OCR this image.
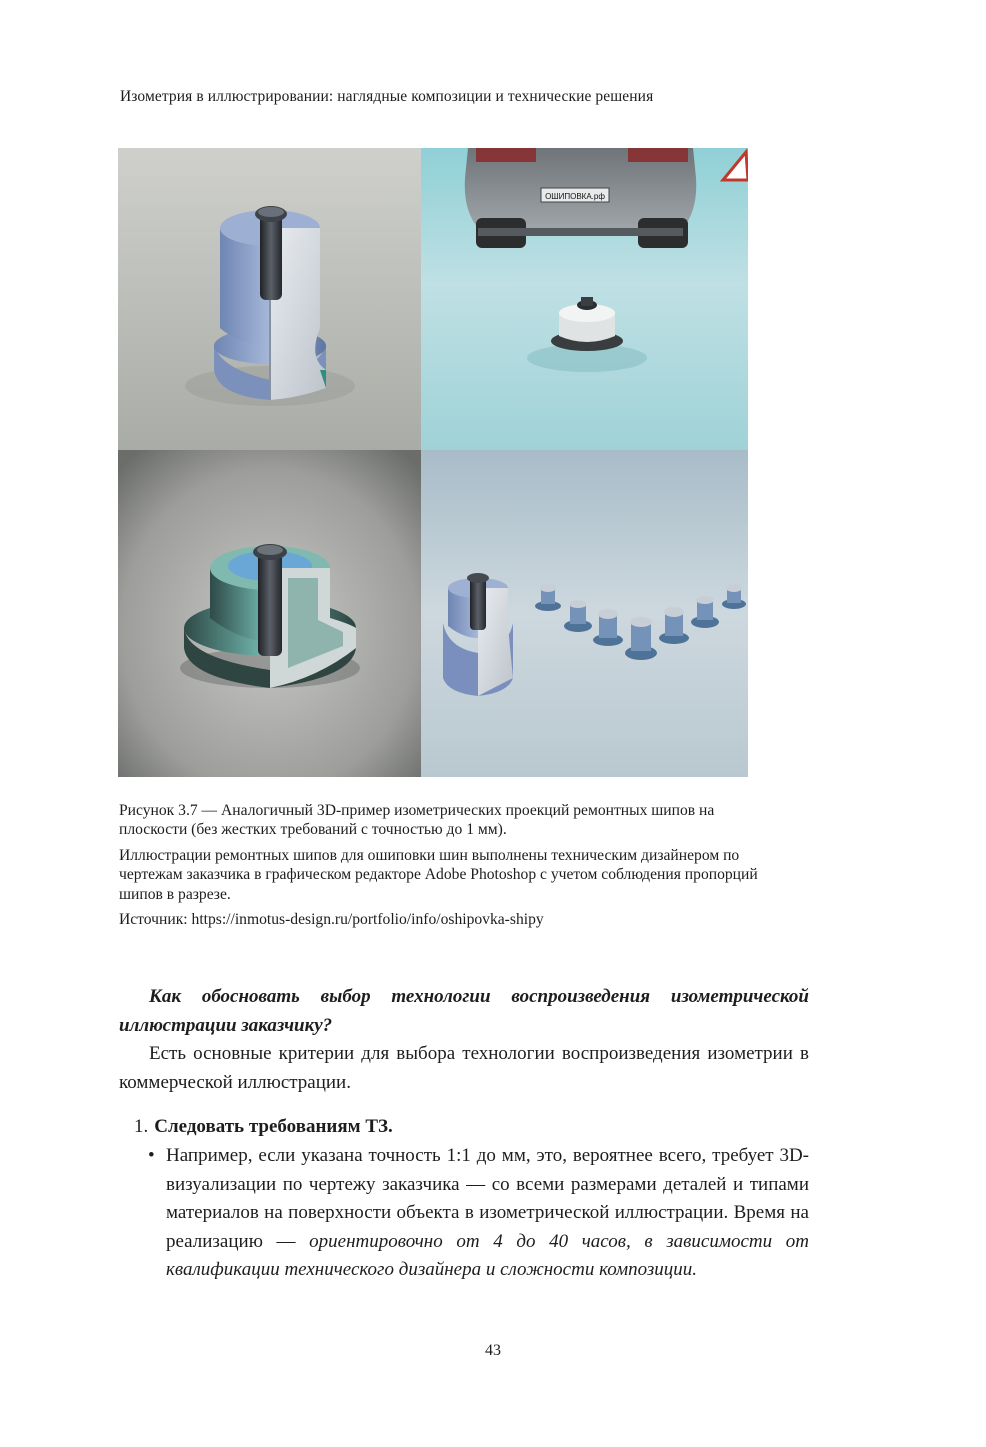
Изометрия в иллюстрировании: наглядные композиции и технические решения
ОШИПОВКА.рф

Рисунок 3.7 — Аналогичный 3D-пример изометрических проекций ремонтных шипов на плоскости (без жестких требований с точностью до 1 мм).

Иллюстрации ремонтных шипов для ошиповки шин выполнены техническим дизайнером по чертежам заказчика в графическом редакторе Adobe Photoshop с учетом соблюдения пропорций шипов в разрезе.

Источник: https://inmotus-design.ru/portfolio/info/oshipovka-shipy

Как обосновать выбор технологии воспроизведения изометрической иллюстрации заказчику?

Есть основные критерии для выбора технологии воспроизведения изометрии в коммерческой иллюстрации.

1. Следовать требованиям ТЗ.
• Например, если указана точность 1:1 до мм, это, вероятнее всего, требует 3D-визуализации по чертежу заказчика — со всеми размерами деталей и типами материалов на поверхности объекта в изометрической иллюстрации. Время на реализацию — ориентировочно от 4 до 40 часов, в зависимости от квалификации технического дизайнера и сложности композиции.
43
